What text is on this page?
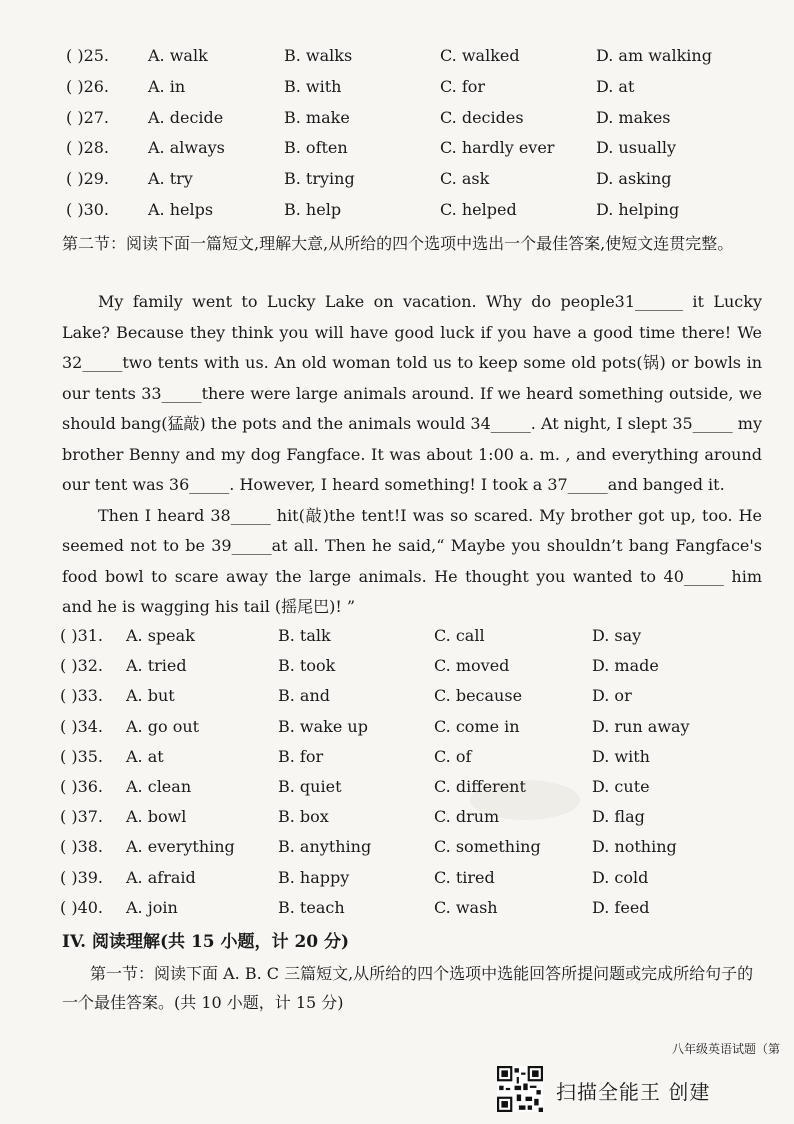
( )25. A. walk	B. walks	C. walked	D. am walking
( )26. A. in	B. with	C. for	D. at
( )27. A. decide	B. make	C. decides	D. makes
( )28. A. always	B. often	C. hardly ever	D. usually
( )29. A. try	B. trying	C. ask	D. asking
( )30. A. helps	B. help	C. helped	D. helping
第二节：阅读下面一篇短文,理解大意,从所给的四个选项中选出一个最佳答案,使短文连贯完整。

My family went to Lucky Lake on vacation. Why do people31______ it Lucky Lake? Because they think you will have good luck if you have a good time there! We 32_____two tents with us. An old woman told us to keep some old pots(锅) or bowls in our tents 33_____there were large animals around. If we heard something outside, we should bang(猛敲) the pots and the animals would 34_____. At night, I slept 35_____ my brother Benny and my dog Fangface. It was about 1:00 a. m. , and everything around our tent was 36_____. However, I heard something! I took a 37_____and banged it.

Then I heard 38_____ hit(敲)the tent!I was so scared. My brother got up, too. He seemed not to be 39_____at all. Then he said,“ Maybe you shouldn’t bang Fangface's food bowl to scare away the large animals. He thought you wanted to 40_____ him and he is wagging his tail (摇尾巴)! ”

( )31. A. speak	B. talk	C. call	D. say
( )32. A. tried	B. took	C. moved	D. made
( )33. A. but	B. and	C. because	D. or
( )34. A. go out	B. wake up	C. come in	D. run away
( )35. A. at	B. for	C. of	D. with
( )36. A. clean	B. quiet	C. different	D. cute
( )37. A. bowl	B. box	C. drum	D. flag
( )38. A. everything	B. anything	C. something	D. nothing
( )39. A. afraid	B. happy	C. tired	D. cold
( )40. A. join	B. teach	C. wash	D. feed
IV. 阅读理解(共 15 小题，计 20 分)
第一节：阅读下面 A. B. C 三篇短文,从所给的四个选项中选能回答所提问题或完成所给句子的一个最佳答案。(共 10 小题，计 15 分)
八年级英语试题（第
扫描全能王 创建
